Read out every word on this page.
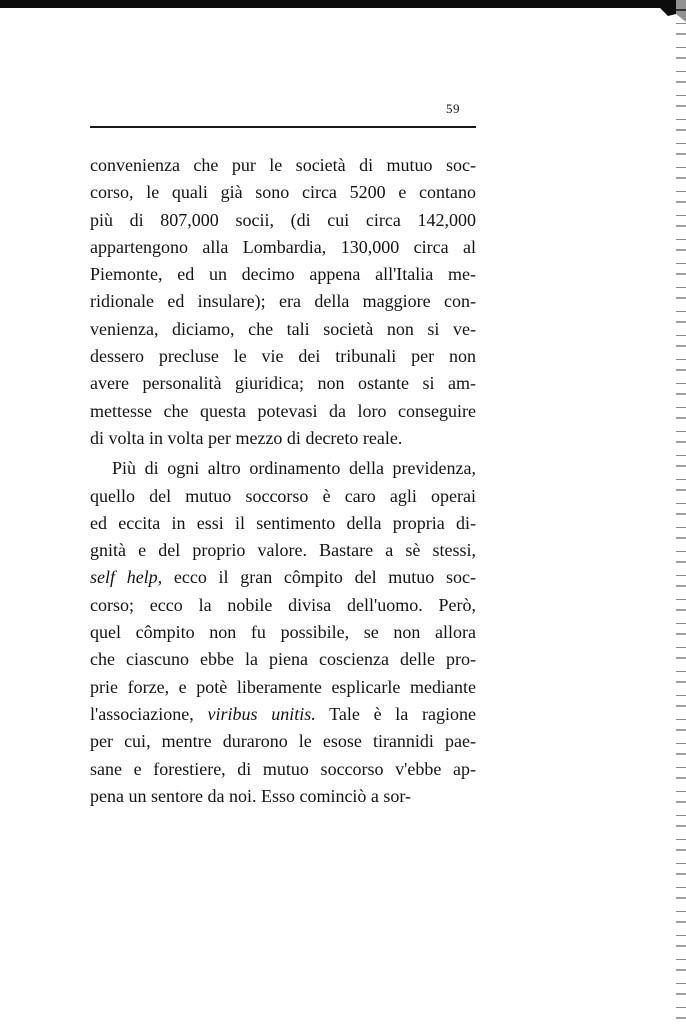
59
convenienza che pur le società di mutuo soc-
corso, le quali già sono circa 5200 e contano
più di 807,000 socii, (di cui circa 142,000
appartengono alla Lombardia, 130,000 circa al
Piemonte, ed un decimo appena all'Italia me-
ridionale ed insulare); era della maggiore con-
venienza, diciamo, che tali società non si ve-
dessero precluse le vie dei tribunali per non
avere personalità giuridica; non ostante si am-
mettesse che questa potevasi da loro conseguire
di volta in volta per mezzo di decreto reale.
Più di ogni altro ordinamento della previdenza,
quello del mutuo soccorso è caro agli operai
ed eccita in essi il sentimento della propria di-
gnità e del proprio valore. Bastare a sè stessi,
self help, ecco il gran cômpito del mutuo soc-
corso; ecco la nobile divisa dell'uomo. Però,
quel cômpito non fu possibile, se non allora
che ciascuno ebbe la piena coscienza delle pro-
prie forze, e potè liberamente esplicarle mediante
l'associazione, viribus unitis. Tale è la ragione
per cui, mentre durarono le esose tirannidi pae-
sane e forestiere, di mutuo soccorso v'ebbe ap-
pena un sentore da noi. Esso cominciò a sor-
